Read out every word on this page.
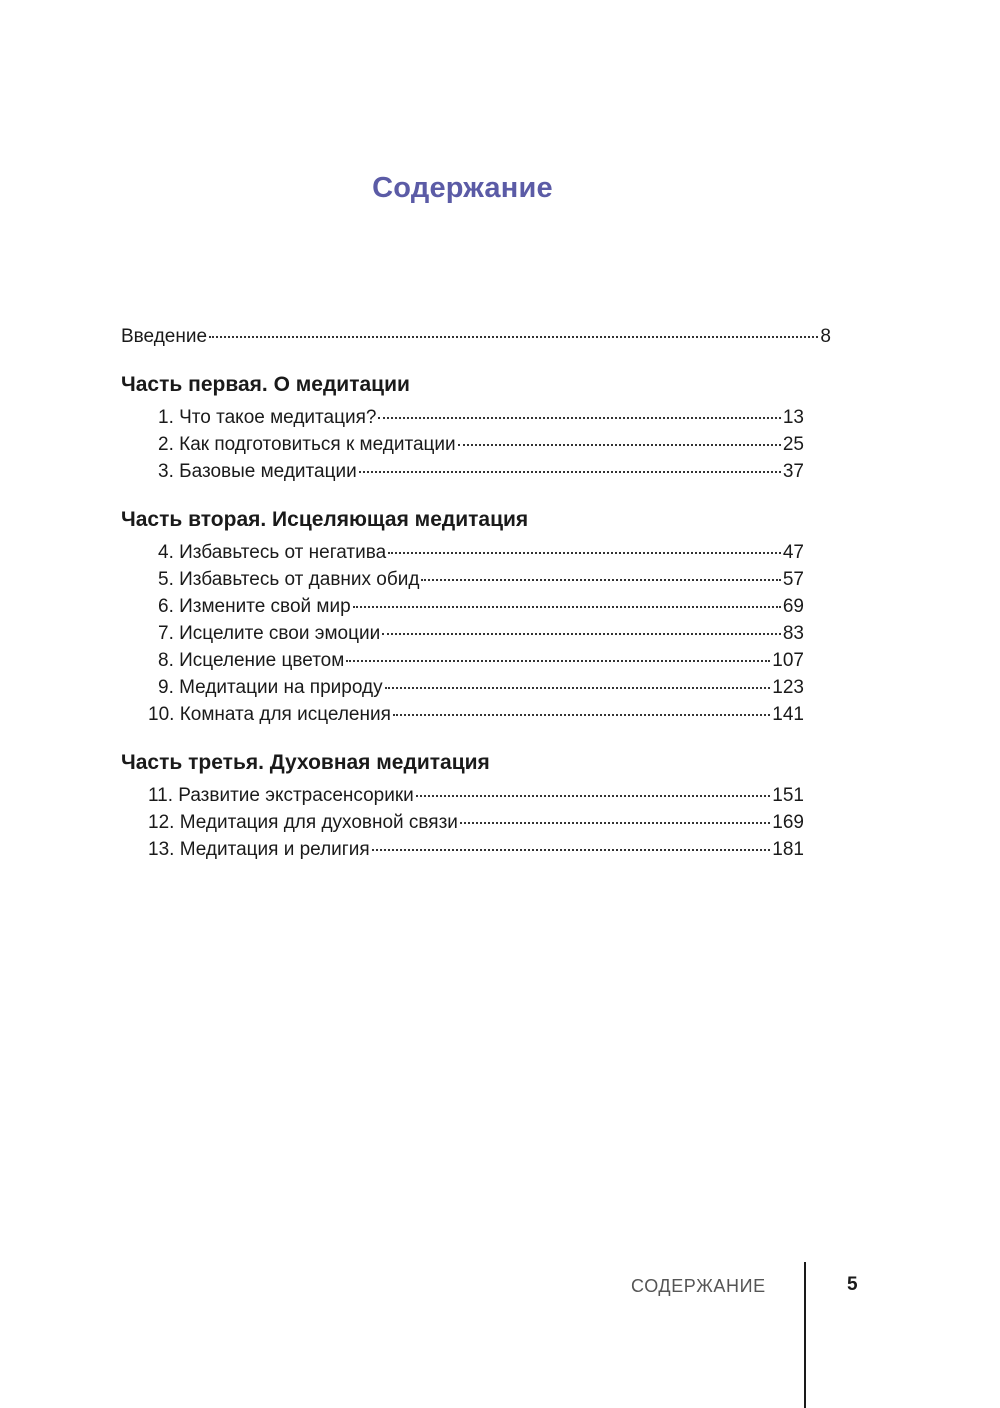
Содержание
Введение	8
Часть первая. О медитации
1. Что такое медитация?	13
2. Как подготовиться к медитации	25
3. Базовые медитации	37
Часть вторая. Исцеляющая медитация
4. Избавьтесь от негатива	47
5. Избавьтесь от давних обид	57
6. Измените свой мир	69
7. Исцелите свои эмоции	83
8. Исцеление цветом	107
9. Медитации на природу	123
10. Комната для исцеления	141
Часть третья. Духовная медитация
11. Развитие экстрасенсорики	151
12. Медитация для духовной связи	169
13. Медитация и религия	181
СОДЕРЖАНИЕ	5
